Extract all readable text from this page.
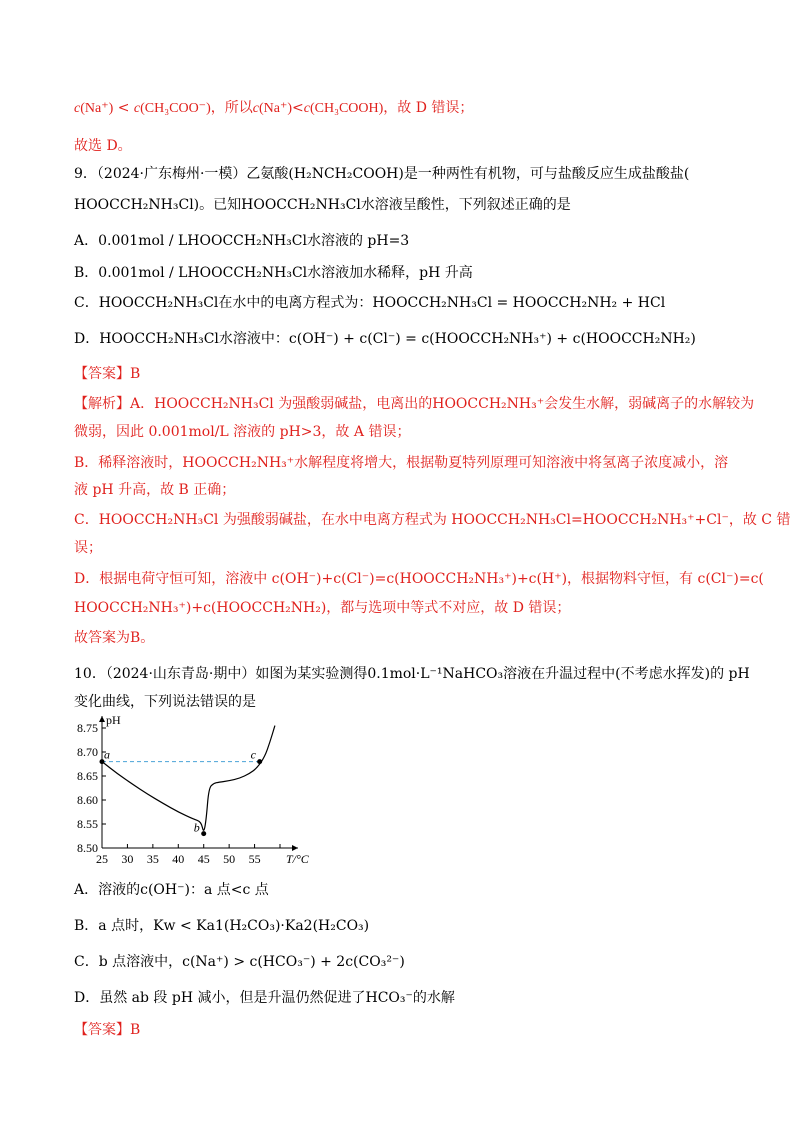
c(Na⁺) < c(CH₃COO⁻)，所以c(Na⁺)<c(CH₃COOH)，故 D 错误；
故选 D。
9．（2024·广东梅州·一模）乙氨酸(H₂NCH₂COOH)是一种两性有机物，可与盐酸反应生成盐酸盐(
HOOCCH₂NH₃Cl)。已知HOOCCH₂NH₃Cl水溶液呈酸性，下列叙述正确的是
A．0.001mol / LHOOCCH₂NH₃Cl水溶液的 pH=3
B．0.001mol / LHOOCCH₂NH₃Cl水溶液加水稀释，pH 升高
C．HOOCCH₂NH₃Cl在水中的电离方程式为：HOOCCH₂NH₃Cl = HOOCCH₂NH₂ + HCl
D．HOOCCH₂NH₃Cl水溶液中：c(OH⁻) + c(Cl⁻) = c(HOOCCH₂NH₃⁺) + c(HOOCCH₂NH₂)
【答案】B
【解析】A．HOOCCH₂NH₃Cl 为强酸弱碱盐，电离出的HOOCCH₂NH₃⁺会发生水解，弱碱离子的水解较为
微弱，因此 0.001mol/L 溶液的 pH>3，故 A 错误；
B．稀释溶液时，HOOCCH₂NH₃⁺水解程度将增大，根据勒夏特列原理可知溶液中将氢离子浓度减小，溶
液 pH 升高，故 B 正确；
C．HOOCCH₂NH₃Cl 为强酸弱碱盐，在水中电离方程式为 HOOCCH₂NH₃Cl=HOOCCH₂NH₃⁺+Cl⁻，故 C 错
误；
D．根据电荷守恒可知，溶液中 c(OH⁻)+c(Cl⁻)=c(HOOCCH₂NH₃⁺)+c(H⁺)，根据物料守恒，有 c(Cl⁻)=c(
HOOCCH₂NH₃⁺)+c(HOOCCH₂NH₂)，都与选项中等式不对应，故 D 错误；
故答案为B。
10．（2024·山东青岛·期中）如图为某实验测得0.1mol·L⁻¹NaHCO₃溶液在升温过程中(不考虑水挥发)的 pH
变化曲线，下列说法错误的是
8.50
8.55
8.60
8.65
8.70
8.75
25 30 35 40 45 50 55 T/°C
pH
a
b
c
A．溶液的c(OH⁻)：a 点<c 点
B．a 点时，Kw < Ka1(H₂CO₃)·Ka2(H₂CO₃)
C．b 点溶液中，c(Na⁺) > c(HCO₃⁻) + 2c(CO₃²⁻)
D．虽然 ab 段 pH 减小，但是升温仍然促进了HCO₃⁻的水解
【答案】B
